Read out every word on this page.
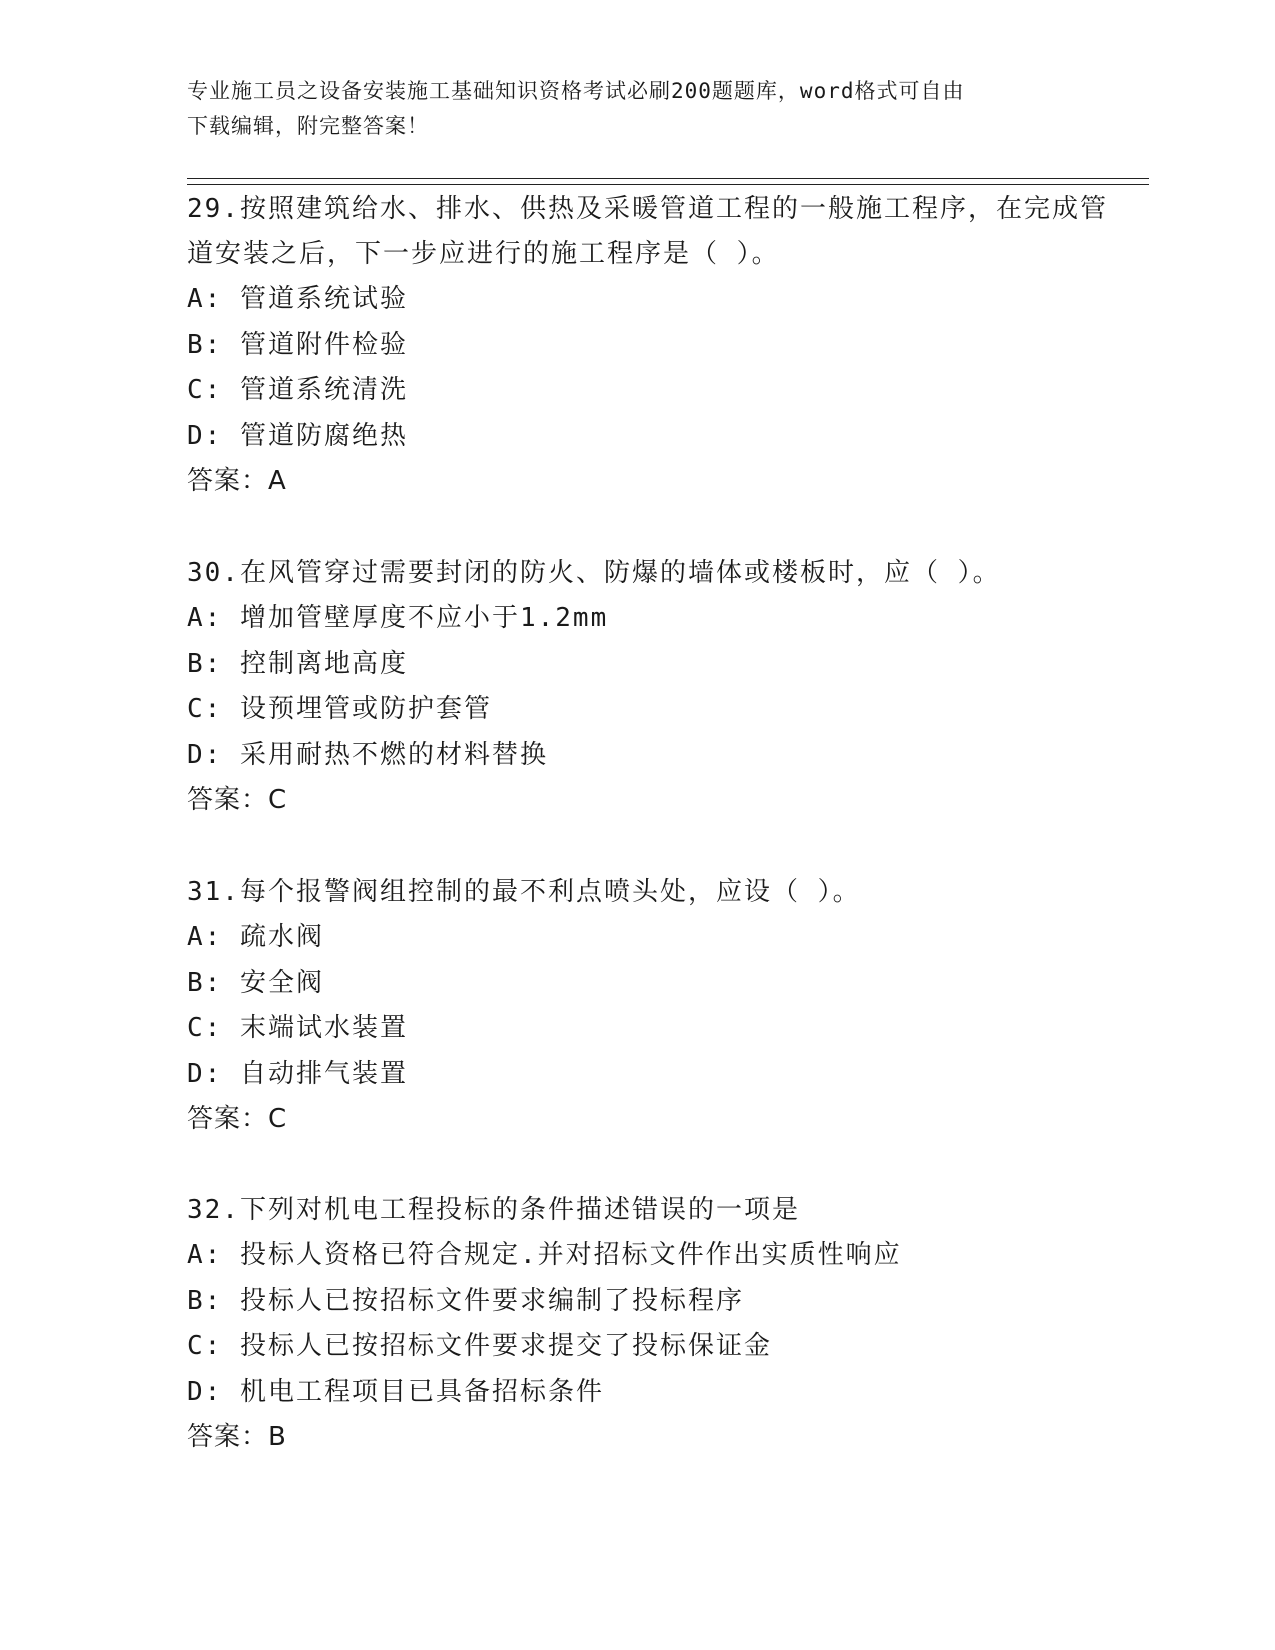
专业施工员之设备安装施工基础知识资格考试必刷200题题库，word格式可自由
下载编辑，附完整答案！

29.按照建筑给水、排水、供热及采暖管道工程的一般施工程序，在完成管道安装之后，下一步应进行的施工程序是（ ）。

A: 管道系统试验

B: 管道附件检验

C: 管道系统清洗

D: 管道防腐绝热

答案：A

30.在风管穿过需要封闭的防火、防爆的墙体或楼板时，应（ ）。

A: 增加管壁厚度不应小于1.2mm

B: 控制离地高度

C: 设预埋管或防护套管

D: 采用耐热不燃的材料替换

答案：C

31.每个报警阀组控制的最不利点喷头处，应设（ ）。

A: 疏水阀

B: 安全阀

C: 末端试水装置

D: 自动排气装置

答案：C

32.下列对机电工程投标的条件描述错误的一项是

A: 投标人资格已符合规定.并对招标文件作出实质性响应

B: 投标人已按招标文件要求编制了投标程序

C: 投标人已按招标文件要求提交了投标保证金

D: 机电工程项目已具备招标条件

答案：B
